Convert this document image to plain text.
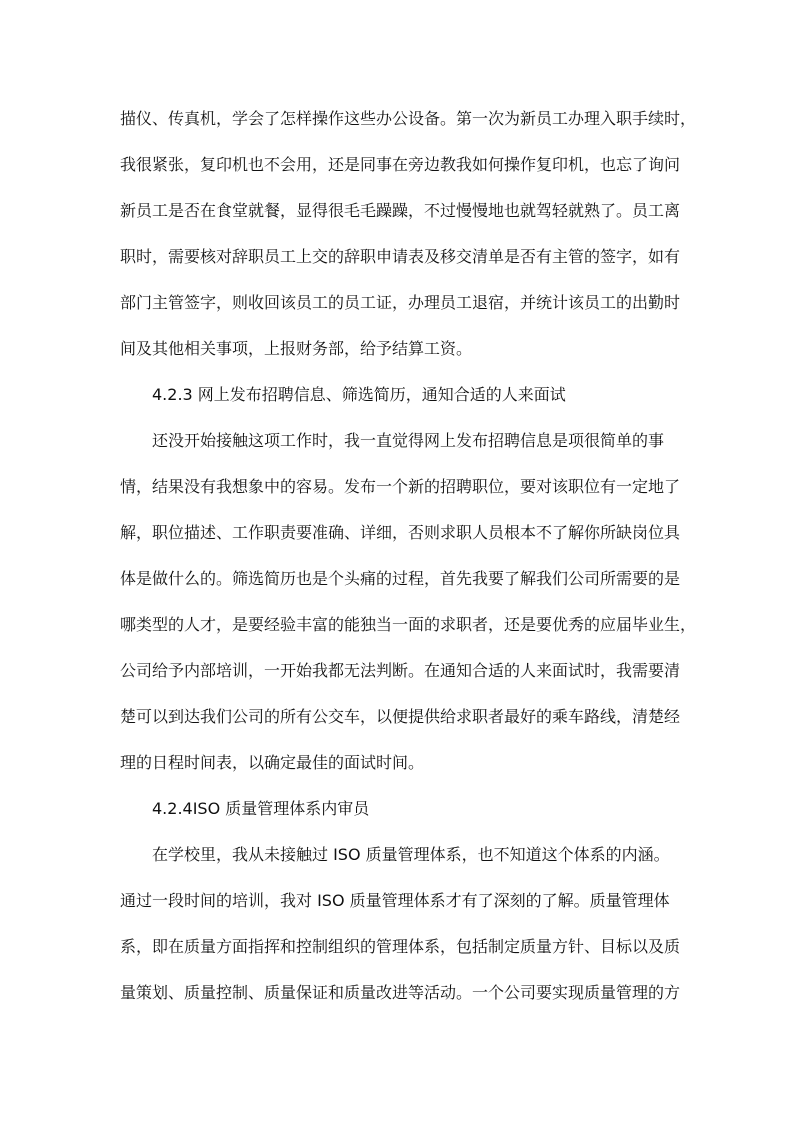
描仪、传真机，学会了怎样操作这些办公设备。第一次为新员工办理入职手续时，

我很紧张，复印机也不会用，还是同事在旁边教我如何操作复印机，也忘了询问

新员工是否在食堂就餐，显得很毛毛躁躁，不过慢慢地也就驾轻就熟了。员工离

职时，需要核对辞职员工上交的辞职申请表及移交清单是否有主管的签字，如有

部门主管签字，则收回该员工的员工证，办理员工退宿，并统计该员工的出勤时

间及其他相关事项，上报财务部，给予结算工资。

4.2.3 网上发布招聘信息、筛选简历，通知合适的人来面试

还没开始接触这项工作时，我一直觉得网上发布招聘信息是项很简单的事

情，结果没有我想象中的容易。发布一个新的招聘职位，要对该职位有一定地了

解，职位描述、工作职责要准确、详细，否则求职人员根本不了解你所缺岗位具

体是做什么的。筛选简历也是个头痛的过程，首先我要了解我们公司所需要的是

哪类型的人才，是要经验丰富的能独当一面的求职者，还是要优秀的应届毕业生，

公司给予内部培训，一开始我都无法判断。在通知合适的人来面试时，我需要清

楚可以到达我们公司的所有公交车，以便提供给求职者最好的乘车路线，清楚经

理的日程时间表，以确定最佳的面试时间。

4.2.4ISO 质量管理体系内审员

在学校里，我从未接触过 ISO 质量管理体系，也不知道这个体系的内涵。

通过一段时间的培训，我对 ISO 质量管理体系才有了深刻的了解。质量管理体

系，即在质量方面指挥和控制组织的管理体系，包括制定质量方针、目标以及质

量策划、质量控制、质量保证和质量改进等活动。一个公司要实现质量管理的方
